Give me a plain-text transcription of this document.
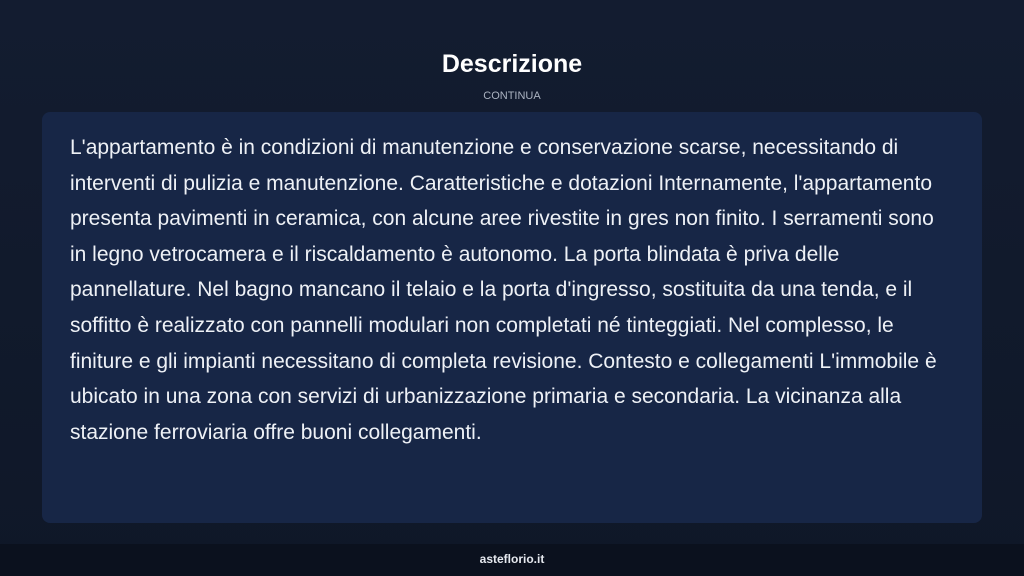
Descrizione
CONTINUA

L'appartamento è in condizioni di manutenzione e conservazione scarse, necessitando di interventi di pulizia e manutenzione. Caratteristiche e dotazioni Internamente, l'appartamento presenta pavimenti in ceramica, con alcune aree rivestite in gres non finito. I serramenti sono in legno vetrocamera e il riscaldamento è autonomo. La porta blindata è priva delle pannellature. Nel bagno mancano il telaio e la porta d'ingresso, sostituita da una tenda, e il soffitto è realizzato con pannelli modulari non completati né tinteggiati. Nel complesso, le finiture e gli impianti necessitano di completa revisione. Contesto e collegamenti L'immobile è ubicato in una zona con servizi di urbanizzazione primaria e secondaria. La vicinanza alla stazione ferroviaria offre buoni collegamenti.

asteflorio.it
